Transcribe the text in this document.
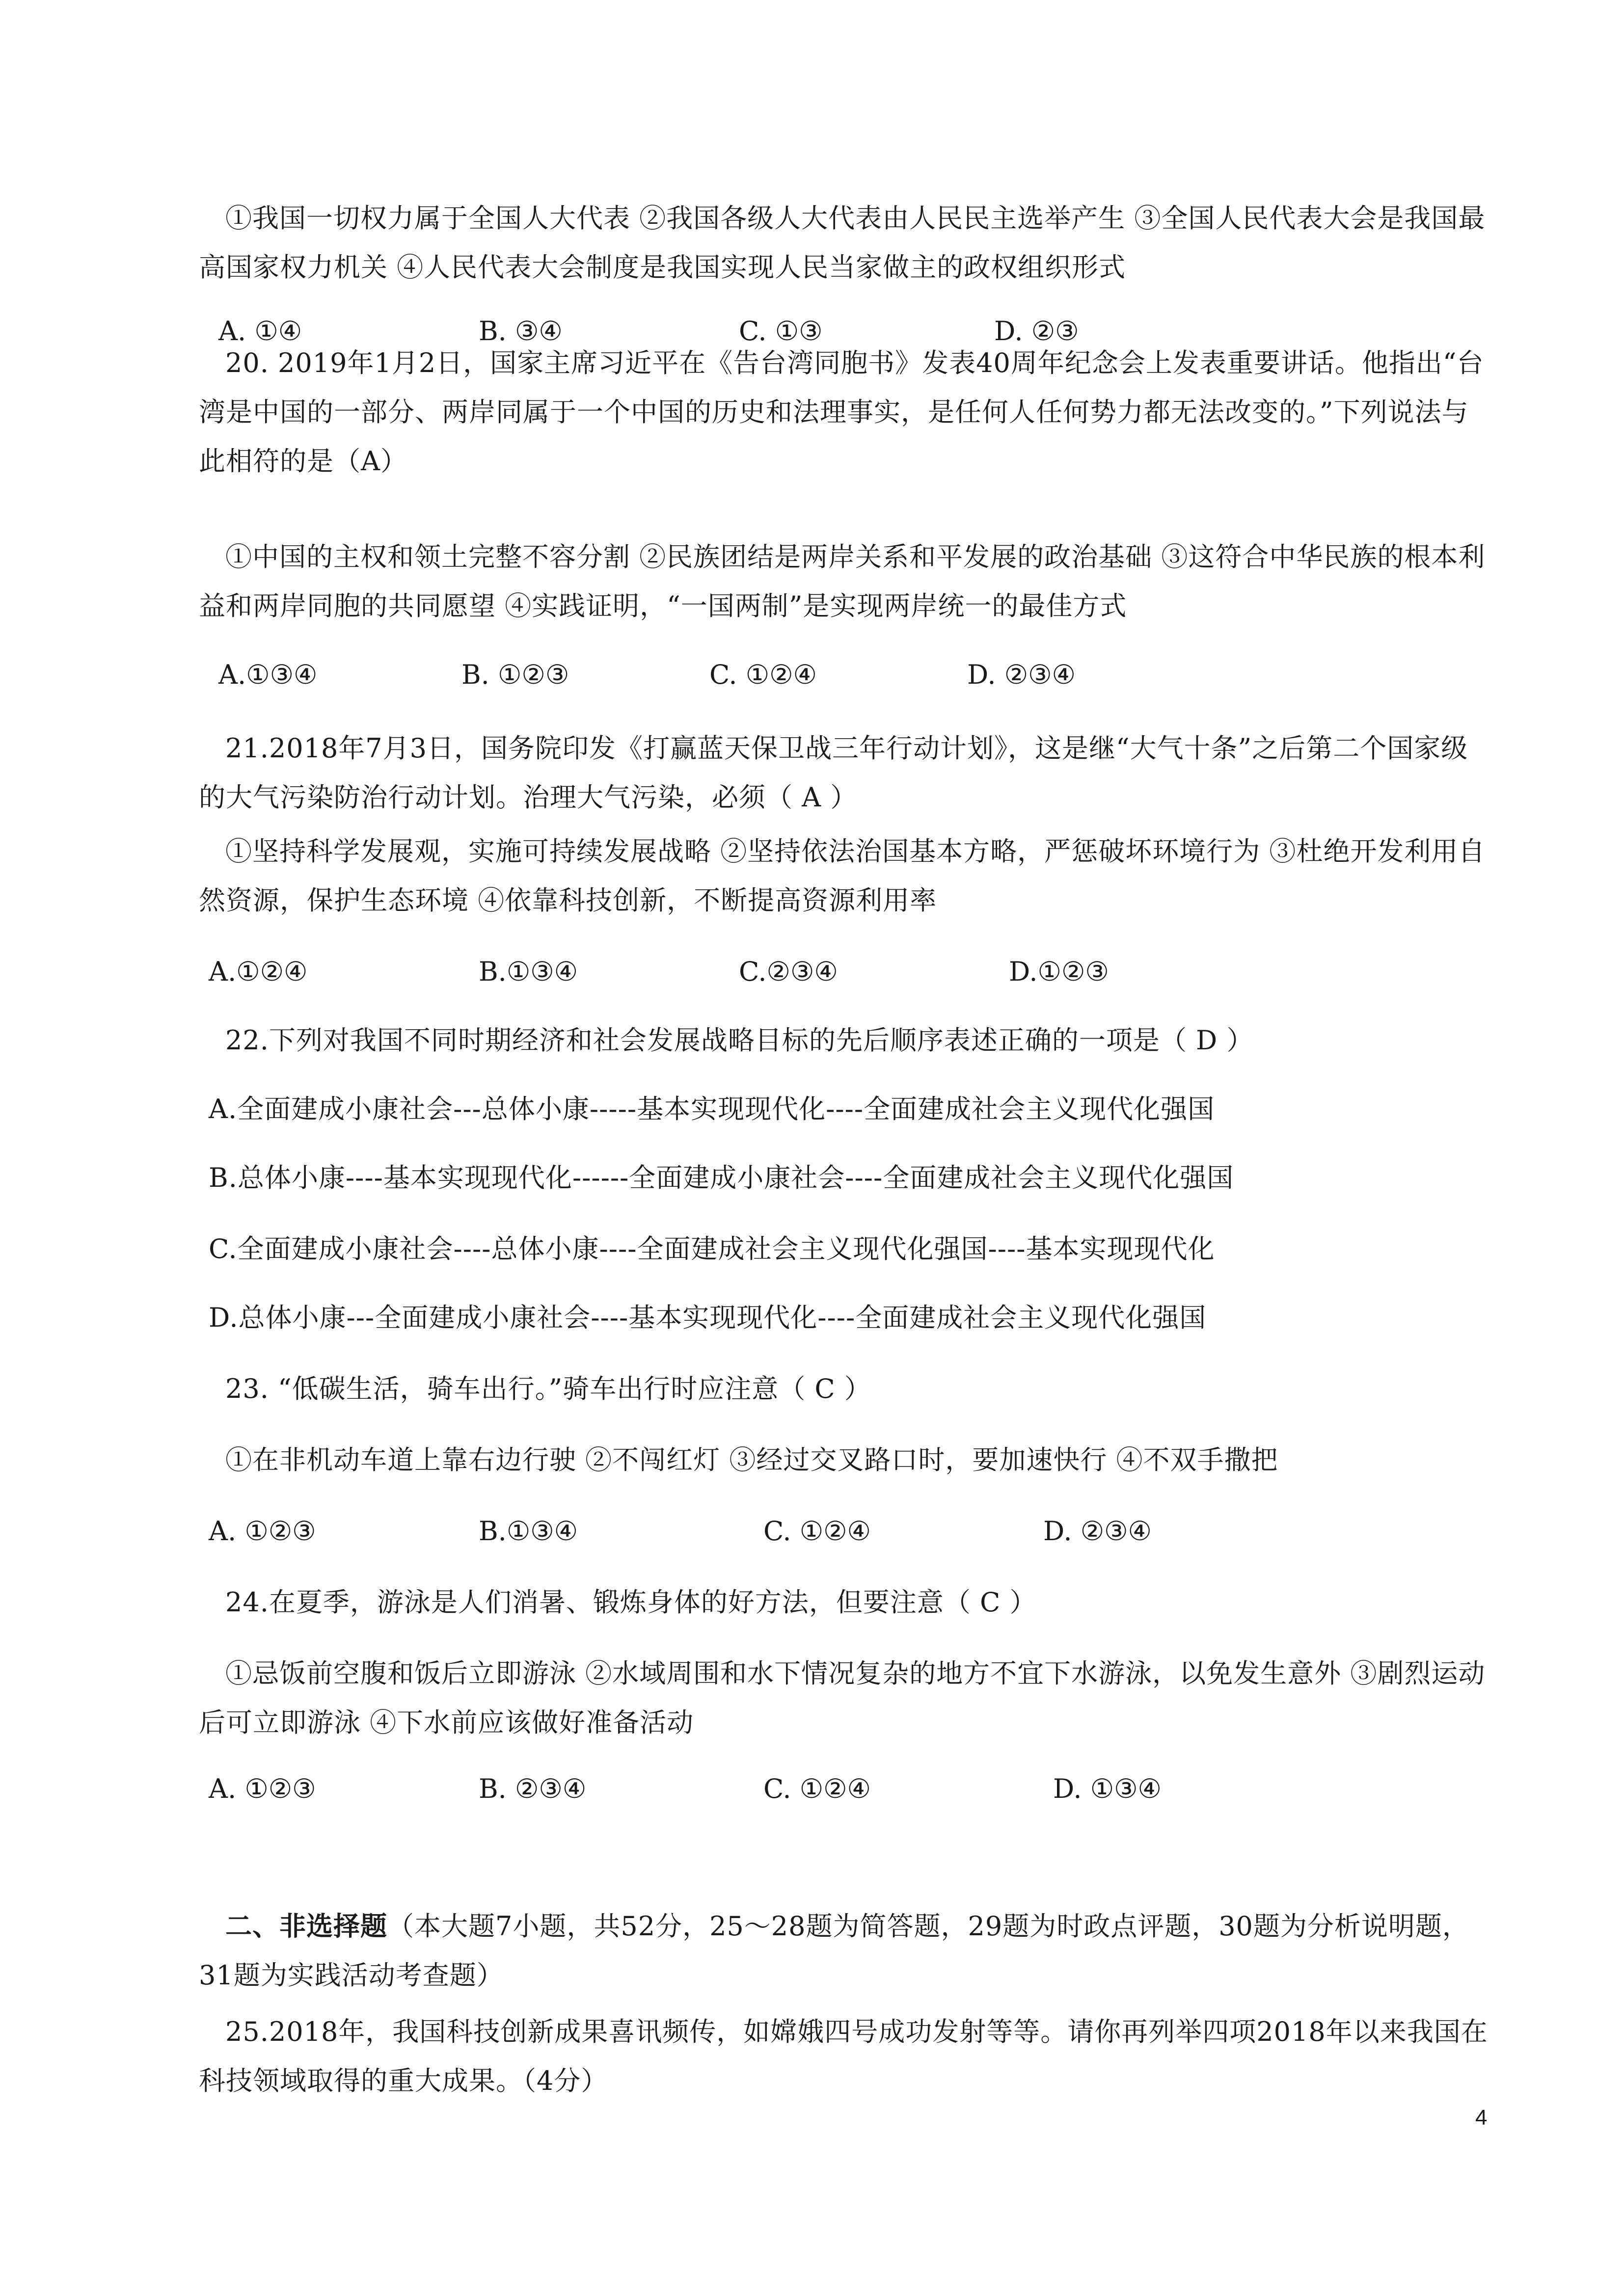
①我国一切权力属于全国人大代表 ②我国各级人大代表由人民民主选举产生 ③全国人民代表大会是我国最高国家权力机关 ④人民代表大会制度是我国实现人民当家做主的政权组织形式

A. ①④	B. ③④	C. ①③	D. ②③

20. 2019年1月2日，国家主席习近平在《告台湾同胞书》发表40周年纪念会上发表重要讲话。他指出“台湾是中国的一部分、两岸同属于一个中国的历史和法理事实，是任何人任何势力都无法改变的。”下列说法与此相符的是（A）

①中国的主权和领土完整不容分割 ②民族团结是两岸关系和平发展的政治基础 ③这符合中华民族的根本利益和两岸同胞的共同愿望 ④实践证明，“一国两制”是实现两岸统一的最佳方式

A.①③④	B. ①②③	C. ①②④	D. ②③④

21.2018年7月3日，国务院印发《打赢蓝天保卫战三年行动计划》，这是继“大气十条”之后第二个国家级的大气污染防治行动计划。治理大气污染，必须（ A ）

①坚持科学发展观，实施可持续发展战略 ②坚持依法治国基本方略，严惩破坏环境行为 ③杜绝开发利用自然资源，保护生态环境 ④依靠科技创新，不断提高资源利用率

A.①②④	B.①③④	C.②③④	D.①②③

22.下列对我国不同时期经济和社会发展战略目标的先后顺序表述正确的一项是（ D ）

A.全面建成小康社会---总体小康-----基本实现现代化----全面建成社会主义现代化强国

B.总体小康----基本实现现代化------全面建成小康社会----全面建成社会主义现代化强国

C.全面建成小康社会----总体小康----全面建成社会主义现代化强国----基本实现现代化

D.总体小康---全面建成小康社会----基本实现现代化----全面建成社会主义现代化强国

23. “低碳生活，骑车出行。”骑车出行时应注意（ C ）

①在非机动车道上靠右边行驶 ②不闯红灯 ③经过交叉路口时，要加速快行 ④不双手撒把

A. ①②③	B.①③④	C. ①②④	D. ②③④

24.在夏季，游泳是人们消暑、锻炼身体的好方法，但要注意（ C ）

①忌饭前空腹和饭后立即游泳 ②水域周围和水下情况复杂的地方不宜下水游泳，以免发生意外 ③剧烈运动后可立即游泳 ④下水前应该做好准备活动

A. ①②③	B. ②③④	C. ①②④	D. ①③④

二、非选择题（本大题7小题，共52分，25～28题为简答题，29题为时政点评题，30题为分析说明题，31题为实践活动考查题）

25.2018年，我国科技创新成果喜讯频传，如嫦娥四号成功发射等等。请你再列举四项2018年以来我国在科技领域取得的重大成果。（4分）

4
